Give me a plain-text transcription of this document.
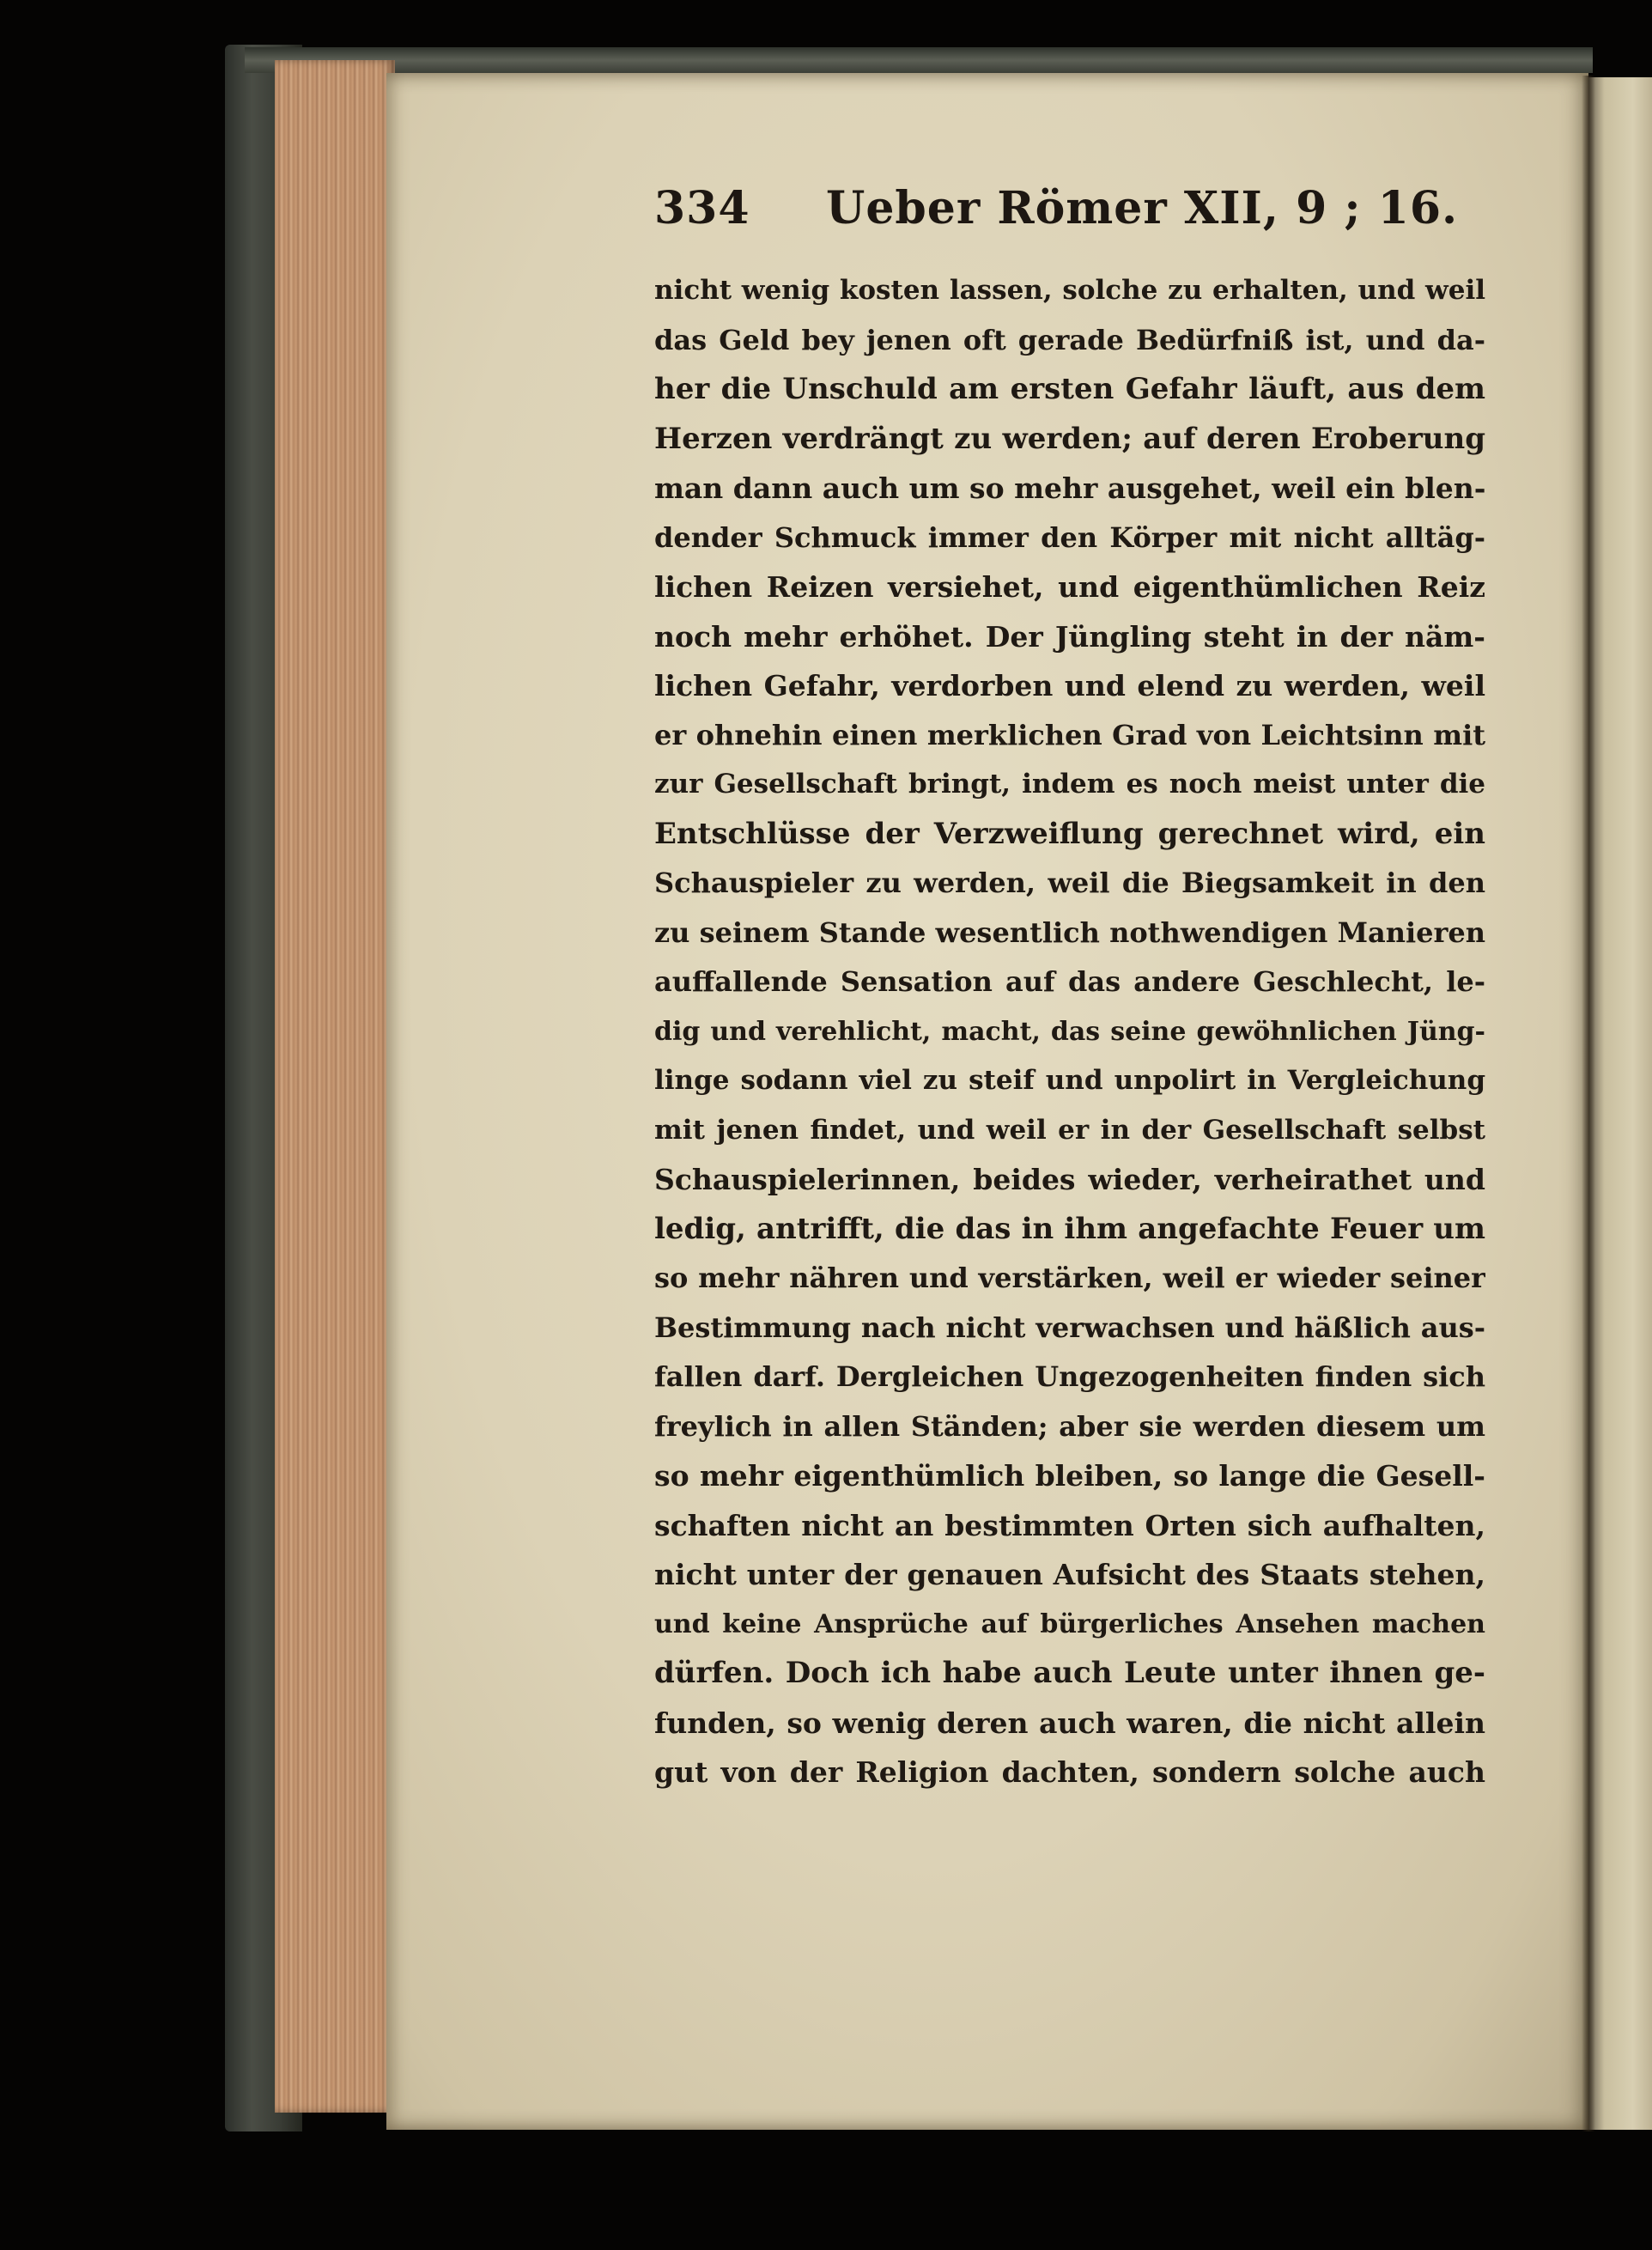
334 Ueber Römer XII, 9 ; 16.
nicht wenig kosten lassen, solche zu erhalten, und weil
das Geld bey jenen oft gerade Bedürfniß ist, und da-
her die Unschuld am ersten Gefahr läuft, aus dem
Herzen verdrängt zu werden; auf deren Eroberung
man dann auch um so mehr ausgehet, weil ein blen-
dender Schmuck immer den Körper mit nicht alltäg-
lichen Reizen versiehet, und eigenthümlichen Reiz
noch mehr erhöhet. Der Jüngling steht in der näm-
lichen Gefahr, verdorben und elend zu werden, weil
er ohnehin einen merklichen Grad von Leichtsinn mit
zur Gesellschaft bringt, indem es noch meist unter die
Entschlüsse der Verzweiflung gerechnet wird, ein
Schauspieler zu werden, weil die Biegsamkeit in den
zu seinem Stande wesentlich nothwendigen Manieren
auffallende Sensation auf das andere Geschlecht, le-
dig und verehlicht, macht, das seine gewöhnlichen Jüng-
linge sodann viel zu steif und unpolirt in Vergleichung
mit jenen findet, und weil er in der Gesellschaft selbst
Schauspielerinnen, beides wieder, verheirathet und
ledig, antrifft, die das in ihm angefachte Feuer um
so mehr nähren und verstärken, weil er wieder seiner
Bestimmung nach nicht verwachsen und häßlich aus-
fallen darf. Dergleichen Ungezogenheiten finden sich
freylich in allen Ständen; aber sie werden diesem um
so mehr eigenthümlich bleiben, so lange die Gesell-
schaften nicht an bestimmten Orten sich aufhalten,
nicht unter der genauen Aufsicht des Staats stehen,
und keine Ansprüche auf bürgerliches Ansehen machen
dürfen. Doch ich habe auch Leute unter ihnen ge-
funden, so wenig deren auch waren, die nicht allein
gut von der Religion dachten, sondern solche auch
